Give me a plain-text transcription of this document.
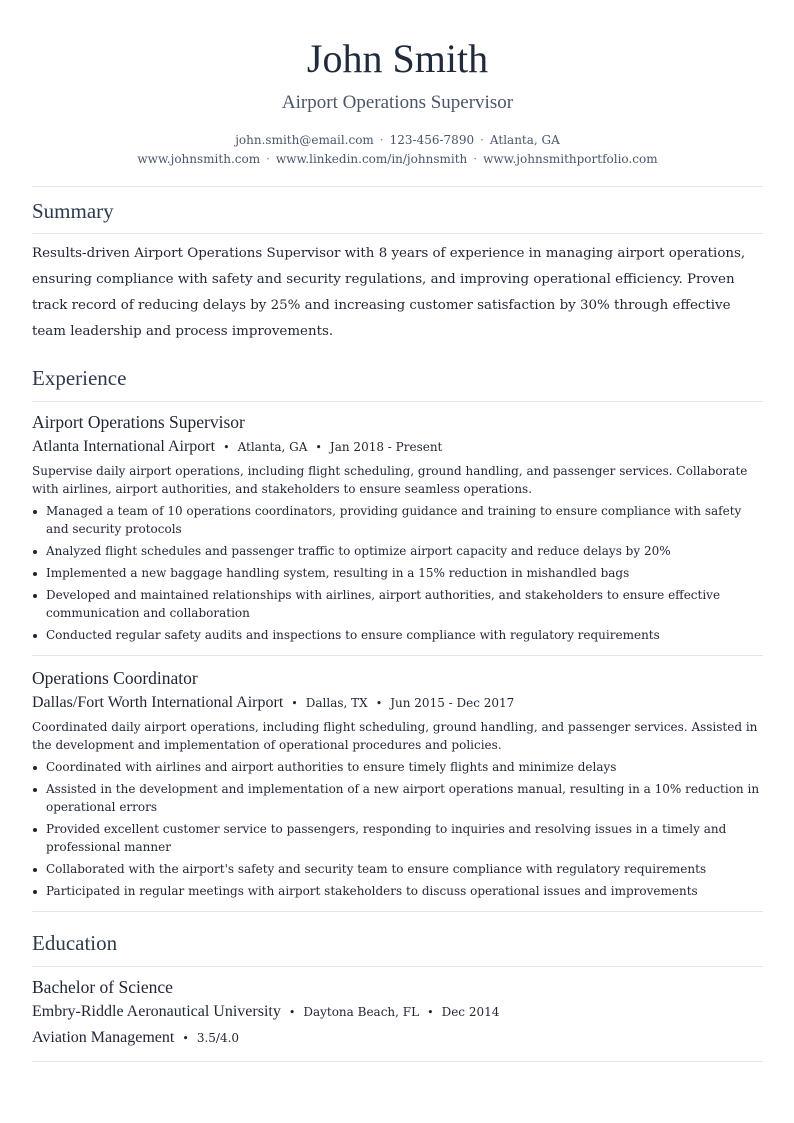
John Smith
Airport Operations Supervisor
john.smith@email.com · 123-456-7890 · Atlanta, GA
www.johnsmith.com · www.linkedin.com/in/johnsmith · www.johnsmithportfolio.com
Summary

Results-driven Airport Operations Supervisor with 8 years of experience in managing airport operations, ensuring compliance with safety and security regulations, and improving operational efficiency. Proven track record of reducing delays by 25% and increasing customer satisfaction by 30% through effective team leadership and process improvements.

Experience
Airport Operations Supervisor
Atlanta International Airport • Atlanta, GA • Jan 2018 - Present

Supervise daily airport operations, including flight scheduling, ground handling, and passenger services. Collaborate with airlines, airport authorities, and stakeholders to ensure seamless operations.

Managed a team of 10 operations coordinators, providing guidance and training to ensure compliance with safety and security protocols
Analyzed flight schedules and passenger traffic to optimize airport capacity and reduce delays by 20%
Implemented a new baggage handling system, resulting in a 15% reduction in mishandled bags
Developed and maintained relationships with airlines, airport authorities, and stakeholders to ensure effective communication and collaboration
Conducted regular safety audits and inspections to ensure compliance with regulatory requirements
Operations Coordinator
Dallas/Fort Worth International Airport • Dallas, TX • Jun 2015 - Dec 2017

Coordinated daily airport operations, including flight scheduling, ground handling, and passenger services. Assisted in the development and implementation of operational procedures and policies.

Coordinated with airlines and airport authorities to ensure timely flights and minimize delays
Assisted in the development and implementation of a new airport operations manual, resulting in a 10% reduction in operational errors
Provided excellent customer service to passengers, responding to inquiries and resolving issues in a timely and professional manner
Collaborated with the airport's safety and security team to ensure compliance with regulatory requirements
Participated in regular meetings with airport stakeholders to discuss operational issues and improvements
Education
Bachelor of Science
Embry-Riddle Aeronautical University • Daytona Beach, FL • Dec 2014
Aviation Management • 3.5/4.0
